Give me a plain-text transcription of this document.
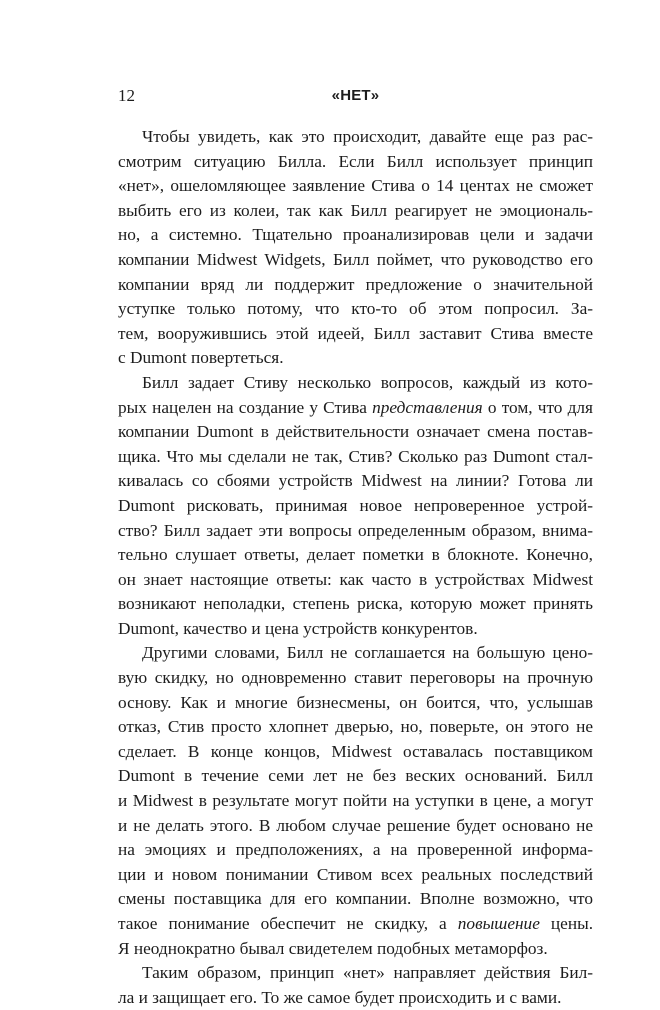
12	«НЕТ»
Чтобы увидеть, как это происходит, давайте еще раз рас-
смотрим ситуацию Билла. Если Билл использует принцип
«нет», ошеломляющее заявление Стива о 14 центах не сможет
выбить его из колеи, так как Билл реагирует не эмоциональ-
но, а системно. Тщательно проанализировав цели и задачи
компании Midwest Widgets, Билл поймет, что руководство его
компании вряд ли поддержит предложение о значительной
уступке только потому, что кто-то об этом попросил. За-
тем, вооружившись этой идеей, Билл заставит Стива вместе
с Dumont повертеться.
Билл задает Стиву несколько вопросов, каждый из кото-
рых нацелен на создание у Стива представления о том, что для
компании Dumont в действительности означает смена постав-
щика. Что мы сделали не так, Стив? Сколько раз Dumont стал-
кивалась со сбоями устройств Midwest на линии? Готова ли
Dumont рисковать, принимая новое непроверенное устрой-
ство? Билл задает эти вопросы определенным образом, внима-
тельно слушает ответы, делает пометки в блокноте. Конечно,
он знает настоящие ответы: как часто в устройствах Midwest
возникают неполадки, степень риска, которую может принять
Dumont, качество и цена устройств конкурентов.
Другими словами, Билл не соглашается на большую цено-
вую скидку, но одновременно ставит переговоры на прочную
основу. Как и многие бизнесмены, он боится, что, услышав
отказ, Стив просто хлопнет дверью, но, поверьте, он этого не
сделает. В конце концов, Midwest оставалась поставщиком
Dumont в течение семи лет не без веских оснований. Билл
и Midwest в результате могут пойти на уступки в цене, а могут
и не делать этого. В любом случае решение будет основано не
на эмоциях и предположениях, а на проверенной информа-
ции и новом понимании Стивом всех реальных последствий
смены поставщика для его компании. Вполне возможно, что
такое понимание обеспечит не скидку, а повышение цены.
Я неоднократно бывал свидетелем подобных метаморфоз.
Таким образом, принцип «нет» направляет действия Бил-
ла и защищает его. То же самое будет происходить и с вами.
